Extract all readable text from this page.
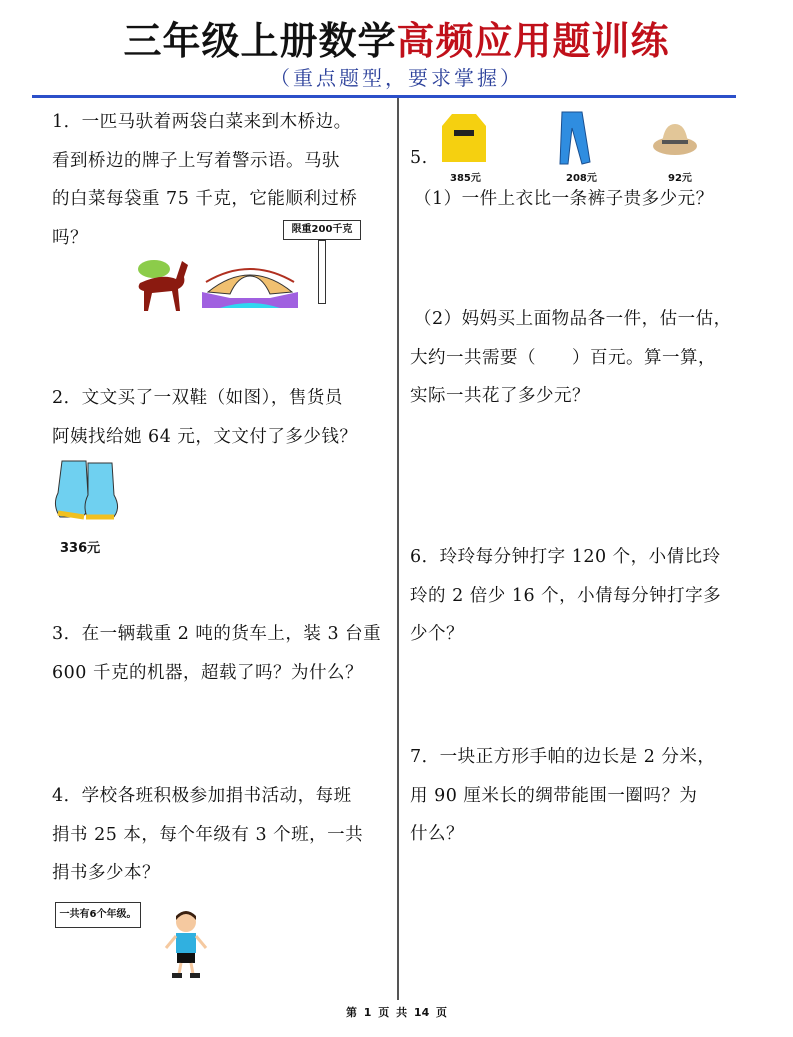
三年级上册数学高频应用题训练
（重点题型，要求掌握）
1．一匹马驮着两袋白菜来到木桥边。
看到桥边的牌子上写着警示语。马驮
的白菜每袋重 75 千克，它能顺利过桥
吗？	限重200千克
2．文文买了一双鞋（如图），售货员
阿姨找给她 64 元，文文付了多少钱？
336元
3．在一辆载重 2 吨的货车上，装 3 台重
600 千克的机器，超载了吗？为什么？
4．学校各班积极参加捐书活动，每班
捐书 25 本，每个年级有 3 个班，一共
捐书多少本？
一共有6个年级。
5.
385元	208元	92元
（1）一件上衣比一条裤子贵多少元？
（2）妈妈买上面物品各一件，估一估，
大约一共需要（　　）百元。算一算，
实际一共花了多少元？
6．玲玲每分钟打字 120 个，小倩比玲
玲的 2 倍少 16 个，小倩每分钟打字多
少个？
7．一块正方形手帕的边长是 2 分米，
用 90 厘米长的绸带能围一圈吗？为
什么？
第 1 页 共 14 页
